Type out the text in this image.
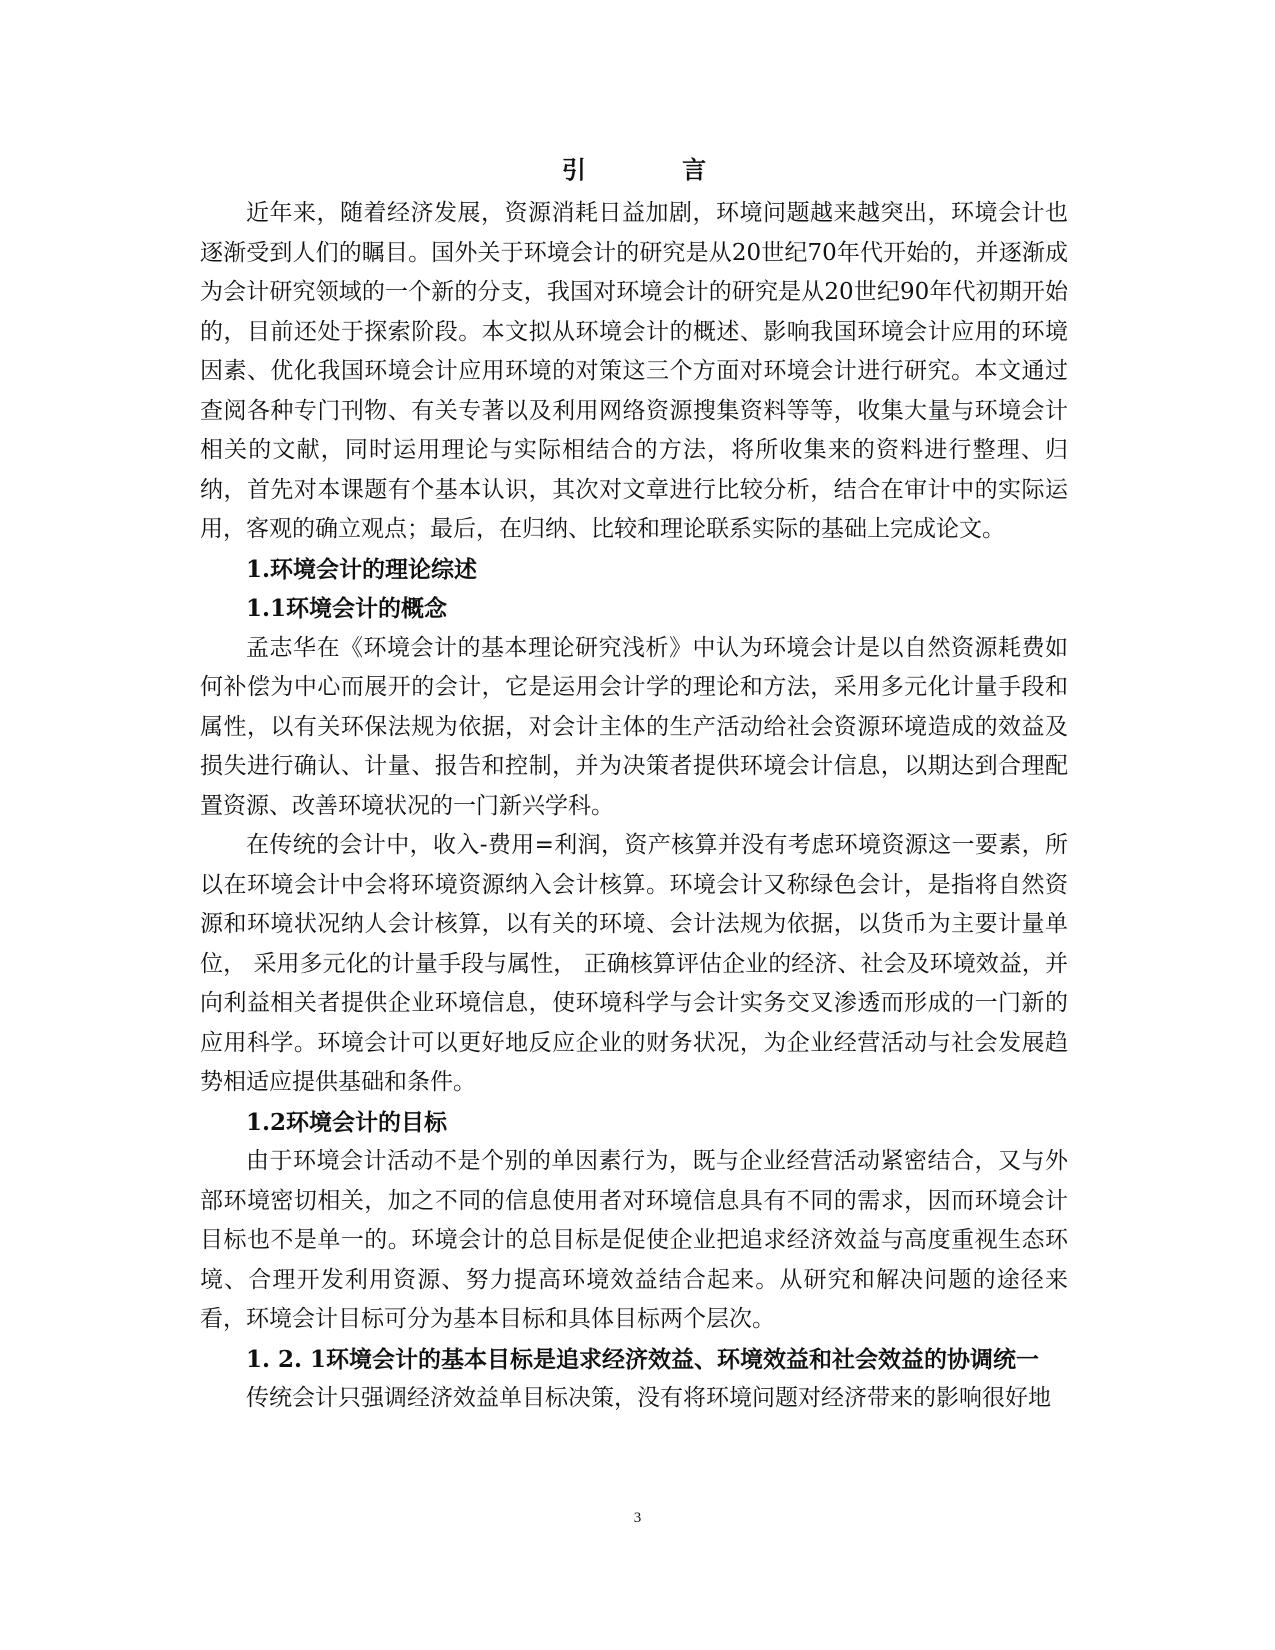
引 言

近年来，随着经济发展，资源消耗日益加剧，环境问题越来越突出，环境会计也逐渐受到人们的瞩目。国外关于环境会计的研究是从20世纪70年代开始的，并逐渐成为会计研究领域的一个新的分支，我国对环境会计的研究是从20世纪90年代初期开始的，目前还处于探索阶段。本文拟从环境会计的概述、影响我国环境会计应用的环境因素、优化我国环境会计应用环境的对策这三个方面对环境会计进行研究。本文通过查阅各种专门刊物、有关专著以及利用网络资源搜集资料等等，收集大量与环境会计相关的文献，同时运用理论与实际相结合的方法，将所收集来的资料进行整理、归纳，首先对本课题有个基本认识，其次对文章进行比较分析，结合在审计中的实际运用，客观的确立观点；最后，在归纳、比较和理论联系实际的基础上完成论文。

1.环境会计的理论综述
1.1环境会计的概念

孟志华在《环境会计的基本理论研究浅析》中认为环境会计是以自然资源耗费如何补偿为中心而展开的会计，它是运用会计学的理论和方法，采用多元化计量手段和属性，以有关环保法规为依据，对会计主体的生产活动给社会资源环境造成的效益及损失进行确认、计量、报告和控制，并为决策者提供环境会计信息，以期达到合理配置资源、改善环境状况的一门新兴学科。

在传统的会计中，收入-费用=利润，资产核算并没有考虑环境资源这一要素，所以在环境会计中会将环境资源纳入会计核算。环境会计又称绿色会计，是指将自然资源和环境状况纳人会计核算，以有关的环境、会计法规为依据，以货币为主要计量单位， 采用多元化的计量手段与属性， 正确核算评估企业的经济、社会及环境效益，并向利益相关者提供企业环境信息，使环境科学与会计实务交叉渗透而形成的一门新的应用科学。环境会计可以更好地反应企业的财务状况，为企业经营活动与社会发展趋势相适应提供基础和条件。

1.2环境会计的目标

由于环境会计活动不是个别的单因素行为，既与企业经营活动紧密结合，又与外部环境密切相关，加之不同的信息使用者对环境信息具有不同的需求，因而环境会计目标也不是单一的。环境会计的总目标是促使企业把追求经济效益与高度重视生态环境、合理开发利用资源、努力提高环境效益结合起来。从研究和解决问题的途径来看，环境会计目标可分为基本目标和具体目标两个层次。

1. 2. 1环境会计的基本目标是追求经济效益、环境效益和社会效益的协调统一

传统会计只强调经济效益单目标决策，没有将环境问题对经济带来的影响很好地

3
